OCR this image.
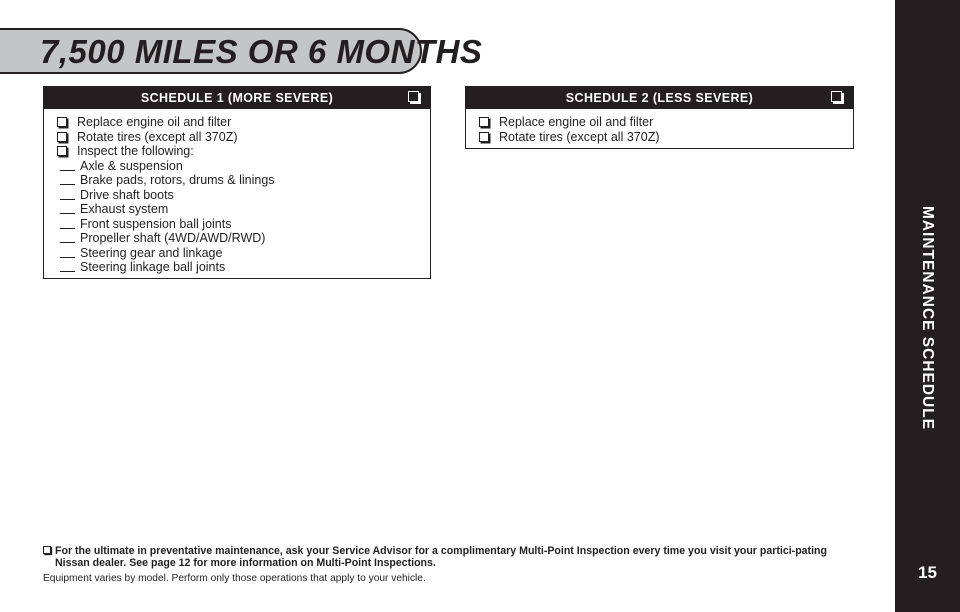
7,500 MILES OR 6 MONTHS
SCHEDULE 1 (MORE SEVERE)
Replace engine oil and filter
Rotate tires (except all 370Z)
Inspect the following:
Axle & suspension
Brake pads, rotors, drums & linings
Drive shaft boots
Exhaust system
Front suspension ball joints
Propeller shaft (4WD/AWD/RWD)
Steering gear and linkage
Steering linkage ball joints
SCHEDULE 2 (LESS SEVERE)
Replace engine oil and filter
Rotate tires (except all 370Z)
For the ultimate in preventative maintenance, ask your Service Advisor for a complimentary Multi-Point Inspection every time you visit your partici-pating Nissan dealer. See page 12 for more information on Multi-Point Inspections.
Equipment varies by model. Perform only those operations that apply to your vehicle.
MAINTENANCE SCHEDULE
15
